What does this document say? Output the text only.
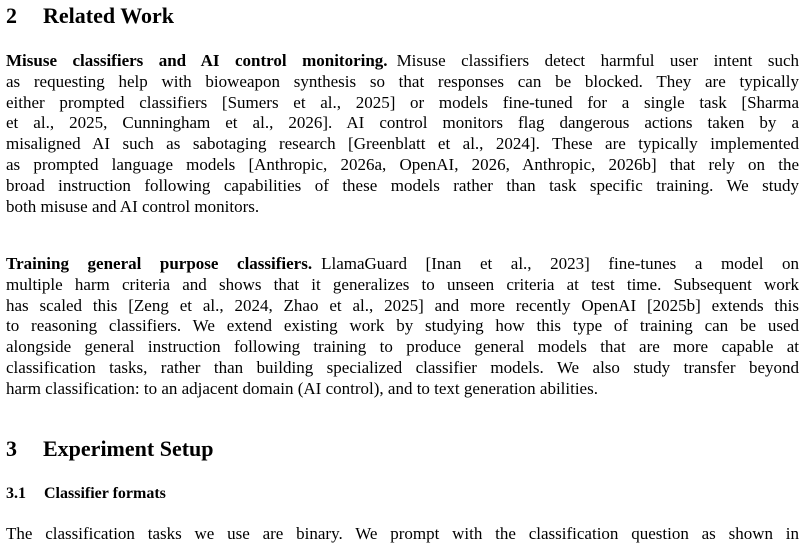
2 Related Work
Misuse classifiers and AI control monitoring. Misuse classifiers detect harmful user intent such
as requesting help with bioweapon synthesis so that responses can be blocked. They are typically
either prompted classifiers [Sumers et al., 2025] or models fine-tuned for a single task [Sharma
et al., 2025, Cunningham et al., 2026]. AI control monitors flag dangerous actions taken by a
misaligned AI such as sabotaging research [Greenblatt et al., 2024]. These are typically implemented
as prompted language models [Anthropic, 2026a, OpenAI, 2026, Anthropic, 2026b] that rely on the
broad instruction following capabilities of these models rather than task specific training. We study
both misuse and AI control monitors.
Training general purpose classifiers. LlamaGuard [Inan et al., 2023] fine-tunes a model on
multiple harm criteria and shows that it generalizes to unseen criteria at test time. Subsequent work
has scaled this [Zeng et al., 2024, Zhao et al., 2025] and more recently OpenAI [2025b] extends this
to reasoning classifiers. We extend existing work by studying how this type of training can be used
alongside general instruction following training to produce general models that are more capable at
classification tasks, rather than building specialized classifier models. We also study transfer beyond
harm classification: to an adjacent domain (AI control), and to text generation abilities.
3 Experiment Setup
3.1 Classifier formats
The classification tasks we use are binary. We prompt with the classification question as shown in
